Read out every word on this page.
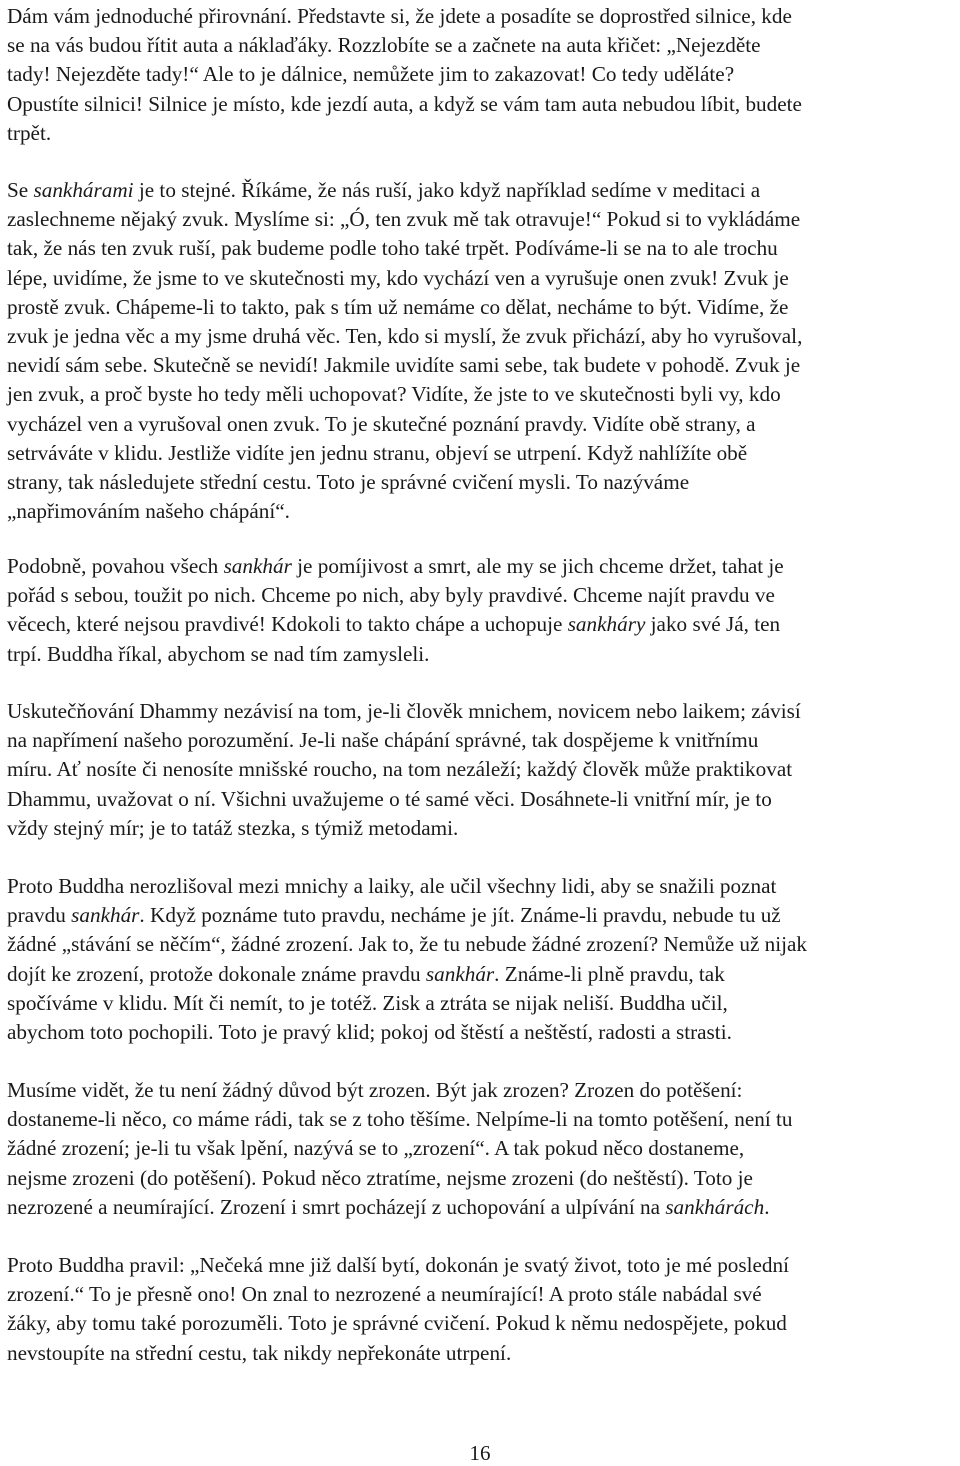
Dám vám jednoduché přirovnání. Představte si, že jdete a posadíte se doprostřed silnice, kde
se na vás budou řítit auta a náklaďáky. Rozzlobíte se a začnete na auta křičet: „Nejezděte
tady! Nejezděte tady!“ Ale to je dálnice, nemůžete jim to zakazovat! Co tedy uděláte?
Opustíte silnici! Silnice je místo, kde jezdí auta, a když se vám tam auta nebudou líbit, budete
trpět.

Se sankhárami je to stejné. Říkáme, že nás ruší, jako když například sedíme v meditaci a
zaslechneme nějaký zvuk. Myslíme si: „Ó, ten zvuk mě tak otravuje!“ Pokud si to vykládáme
tak, že nás ten zvuk ruší, pak budeme podle toho také trpět. Podíváme-li se na to ale trochu
lépe, uvidíme, že jsme to ve skutečnosti my, kdo vychází ven a vyrušuje onen zvuk! Zvuk je
prostě zvuk. Chápeme-li to takto, pak s tím už nemáme co dělat, necháme to být. Vidíme, že
zvuk je jedna věc a my jsme druhá věc. Ten, kdo si myslí, že zvuk přichází, aby ho vyrušoval,
nevidí sám sebe. Skutečně se nevidí! Jakmile uvidíte sami sebe, tak budete v pohodě. Zvuk je
jen zvuk, a proč byste ho tedy měli uchopovat? Vidíte, že jste to ve skutečnosti byli vy, kdo
vycházel ven a vyrušoval onen zvuk. To je skutečné poznání pravdy. Vidíte obě strany, a
setrváváte v klidu. Jestliže vidíte jen jednu stranu, objeví se utrpení. Když nahlížíte obě
strany, tak následujete střední cestu. Toto je správné cvičení mysli. To nazýváme
„napřimováním našeho chápání“.

Podobně, povahou všech sankhár je pomíjivost a smrt, ale my se jich chceme držet, tahat je
pořád s sebou, toužit po nich. Chceme po nich, aby byly pravdivé. Chceme najít pravdu ve
věcech, které nejsou pravdivé! Kdokoli to takto chápe a uchopuje sankháry jako své Já, ten
trpí. Buddha říkal, abychom se nad tím zamysleli.

Uskutečňování Dhammy nezávisí na tom, je-li člověk mnichem, novicem nebo laikem; závisí
na napřímení našeho porozumění. Je-li naše chápání správné, tak dospějeme k vnitřnímu
míru. Ať nosíte či nenosíte mnišské roucho, na tom nezáleží; každý člověk může praktikovat
Dhammu, uvažovat o ní. Všichni uvažujeme o té samé věci. Dosáhnete-li vnitřní mír, je to
vždy stejný mír; je to tatáž stezka, s týmiž metodami.

Proto Buddha nerozlišoval mezi mnichy a laiky, ale učil všechny lidi, aby se snažili poznat
pravdu sankhár. Když poznáme tuto pravdu, necháme je jít. Známe-li pravdu, nebude tu už
žádné „stávání se něčím“, žádné zrození. Jak to, že tu nebude žádné zrození? Nemůže už nijak
dojít ke zrození, protože dokonale známe pravdu sankhár. Známe-li plně pravdu, tak
spočíváme v klidu. Mít či nemít, to je totéž. Zisk a ztráta se nijak neliší. Buddha učil,
abychom toto pochopili. Toto je pravý klid; pokoj od štěstí a neštěstí, radosti a strasti.

Musíme vidět, že tu není žádný důvod být zrozen. Být jak zrozen? Zrozen do potěšení:
dostaneme-li něco, co máme rádi, tak se z toho těšíme. Nelpíme-li na tomto potěšení, není tu
žádné zrození; je-li tu však lpění, nazývá se to „zrození“. A tak pokud něco dostaneme,
nejsme zrozeni (do potěšení). Pokud něco ztratíme, nejsme zrozeni (do neštěstí). Toto je
nezrozené a neumírající. Zrození i smrt pocházejí z uchopování a ulpívání na sankhárách.

Proto Buddha pravil: „Nečeká mne již další bytí, dokonán je svatý život, toto je mé poslední
zrození.“ To je přesně ono! On znal to nezrozené a neumírající! A proto stále nabádal své
žáky, aby tomu také porozuměli. Toto je správné cvičení. Pokud k němu nedospějete, pokud
nevstoupíte na střední cestu, tak nikdy nepřekonáte utrpení.

16
